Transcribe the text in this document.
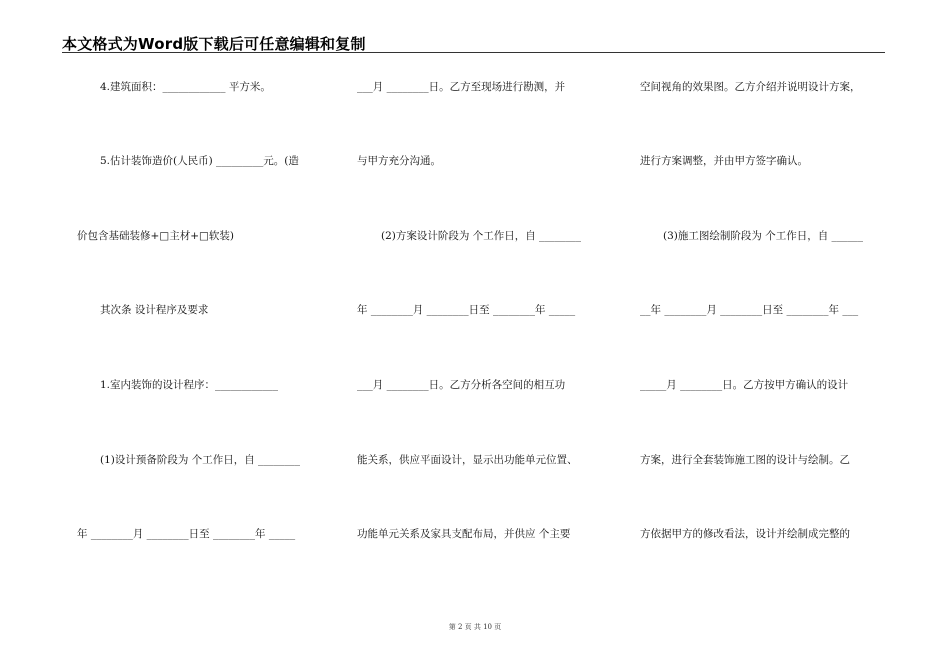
本文格式为Word版下载后可任意编辑和复制
4.建筑面积：____________ 平方米。
5.估计装饰造价(人民币) _________元。(造
价包含基础装修+□主材+□软装)
其次条 设计程序及要求
1.室内装饰的设计程序：____________
(1)设计预备阶段为 个工作日，自 ________
年 ________月 ________日至 ________年 _____
___月 ________日。乙方至现场进行勘测，并
与甲方充分沟通。
(2)方案设计阶段为 个工作日，自 ________
年 ________月 ________日至 ________年 _____
___月 ________日。乙方分析各空间的相互功
能关系，供应平面设计，显示出功能单元位置、
功能单元关系及家具支配布局，并供应 个主要
空间视角的效果图。乙方介绍并说明设计方案，
进行方案调整，并由甲方签字确认。
(3)施工图绘制阶段为 个工作日，自 ______
__年 ________月 ________日至 ________年 ___
_____月 ________日。乙方按甲方确认的设计
方案，进行全套装饰施工图的设计与绘制。乙
方依据甲方的修改看法，设计并绘制成完整的
第 2 页 共 10 页
